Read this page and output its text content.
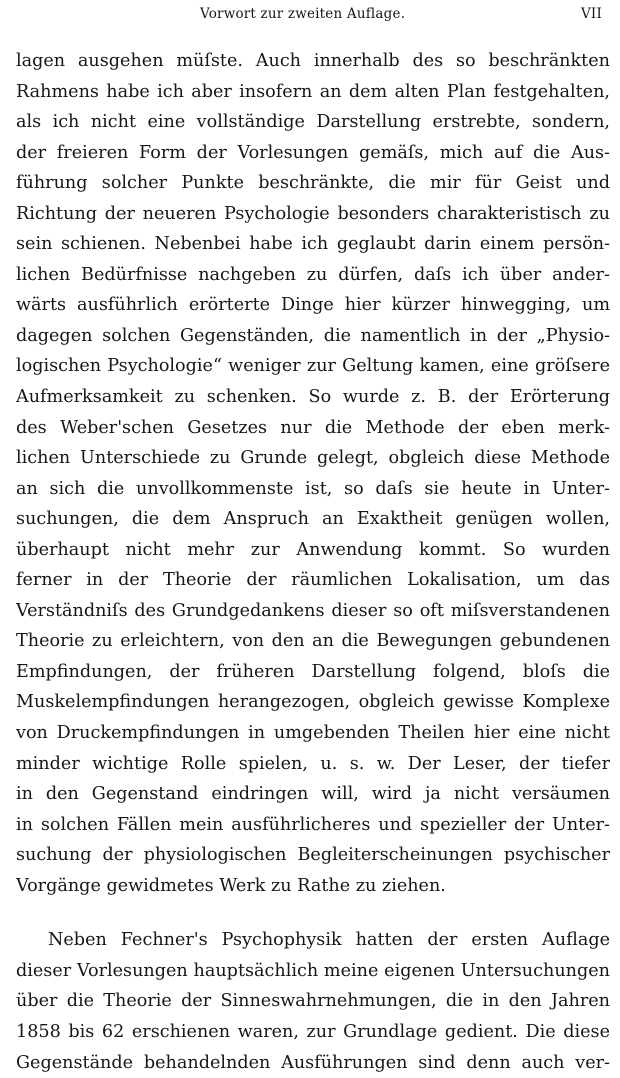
Vorwort zur zweiten Auflage.	VII
lagen ausgehen müſste. Auch innerhalb des so beschränkten
Rahmens habe ich aber insofern an dem alten Plan festgehalten,
als ich nicht eine vollständige Darstellung erstrebte, sondern,
der freieren Form der Vorlesungen gemäſs, mich auf die Aus-
führung solcher Punkte beschränkte, die mir für Geist und
Richtung der neueren Psychologie besonders charakteristisch zu
sein schienen. Nebenbei habe ich geglaubt darin einem persön-
lichen Bedürfnisse nachgeben zu dürfen, daſs ich über ander-
wärts ausführlich erörterte Dinge hier kürzer hinwegging, um
dagegen solchen Gegenständen, die namentlich in der „Physio-
logischen Psychologie“ weniger zur Geltung kamen, eine gröſsere
Aufmerksamkeit zu schenken. So wurde z. B. der Erörterung
des Weber'schen Gesetzes nur die Methode der eben merk-
lichen Unterschiede zu Grunde gelegt, obgleich diese Methode
an sich die unvollkommenste ist, so daſs sie heute in Unter-
suchungen, die dem Anspruch an Exaktheit genügen wollen,
überhaupt nicht mehr zur Anwendung kommt. So wurden
ferner in der Theorie der räumlichen Lokalisation, um das
Verständniſs des Grundgedankens dieser so oft miſsverstandenen
Theorie zu erleichtern, von den an die Bewegungen gebundenen
Empfindungen, der früheren Darstellung folgend, bloſs die
Muskelempfindungen herangezogen, obgleich gewisse Komplexe
von Druckempfindungen in umgebenden Theilen hier eine nicht
minder wichtige Rolle spielen, u. s. w. Der Leser, der tiefer
in den Gegenstand eindringen will, wird ja nicht versäumen
in solchen Fällen mein ausführlicheres und spezieller der Unter-
suchung der physiologischen Begleiterscheinungen psychischer
Vorgänge gewidmetes Werk zu Rathe zu ziehen.
Neben Fechner's Psychophysik hatten der ersten Auflage
dieser Vorlesungen hauptsächlich meine eigenen Untersuchungen
über die Theorie der Sinneswahrnehmungen, die in den Jahren
1858 bis 62 erschienen waren, zur Grundlage gedient. Die diese
Gegenstände behandelnden Ausführungen sind denn auch ver-
